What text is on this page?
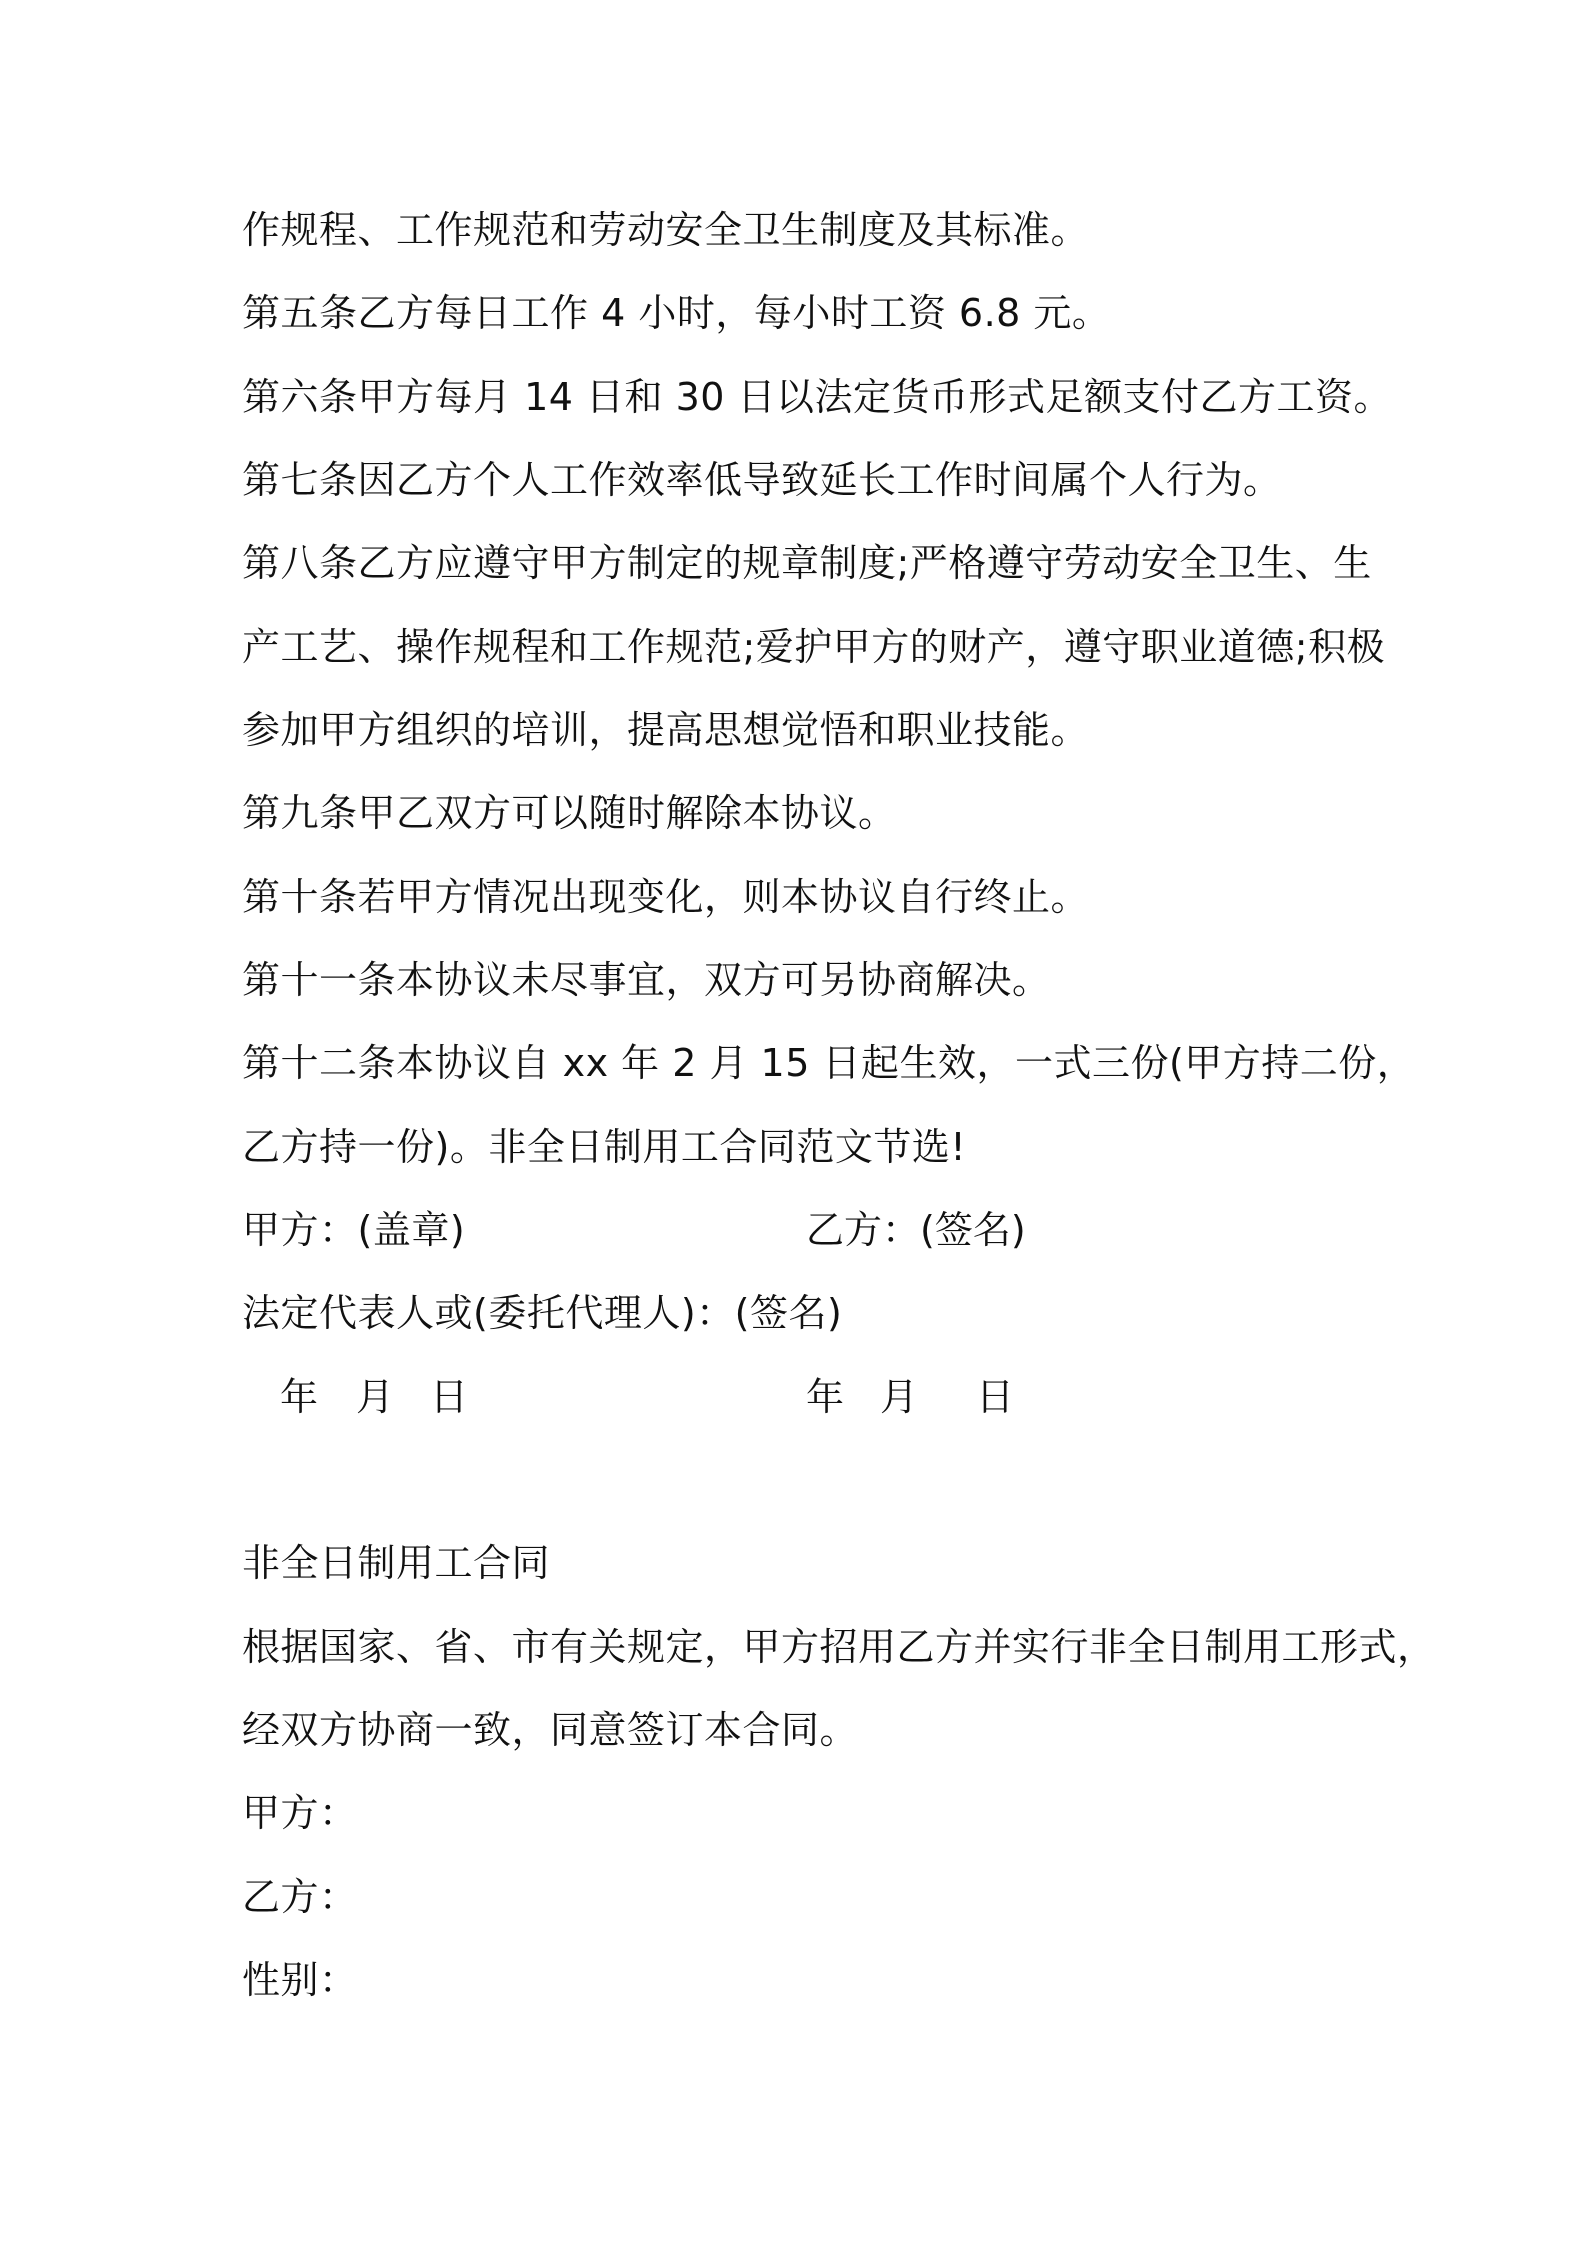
作规程、工作规范和劳动安全卫生制度及其标准。
第五条乙方每日工作 4 小时，每小时工资 6.8 元。
第六条甲方每月 14 日和 30 日以法定货币形式足额支付乙方工资。
第七条因乙方个人工作效率低导致延长工作时间属个人行为。
第八条乙方应遵守甲方制定的规章制度;严格遵守劳动安全卫生、生
产工艺、操作规程和工作规范;爱护甲方的财产，遵守职业道德;积极
参加甲方组织的培训，提高思想觉悟和职业技能。
第九条甲乙双方可以随时解除本协议。
第十条若甲方情况出现变化，则本协议自行终止。
第十一条本协议未尽事宜，双方可另协商解决。
第十二条本协议自 xx 年 2 月 15 日起生效，一式三份(甲方持二份，
乙方持一份)。非全日制用工合同范文节选!
甲方：(盖章)	乙方：(签名)
法定代表人或(委托代理人)：(签名)
年 月 日	年 月 日
非全日制用工合同
根据国家、省、市有关规定，甲方招用乙方并实行非全日制用工形式，
经双方协商一致，同意签订本合同。
甲方：
乙方：
性别：
